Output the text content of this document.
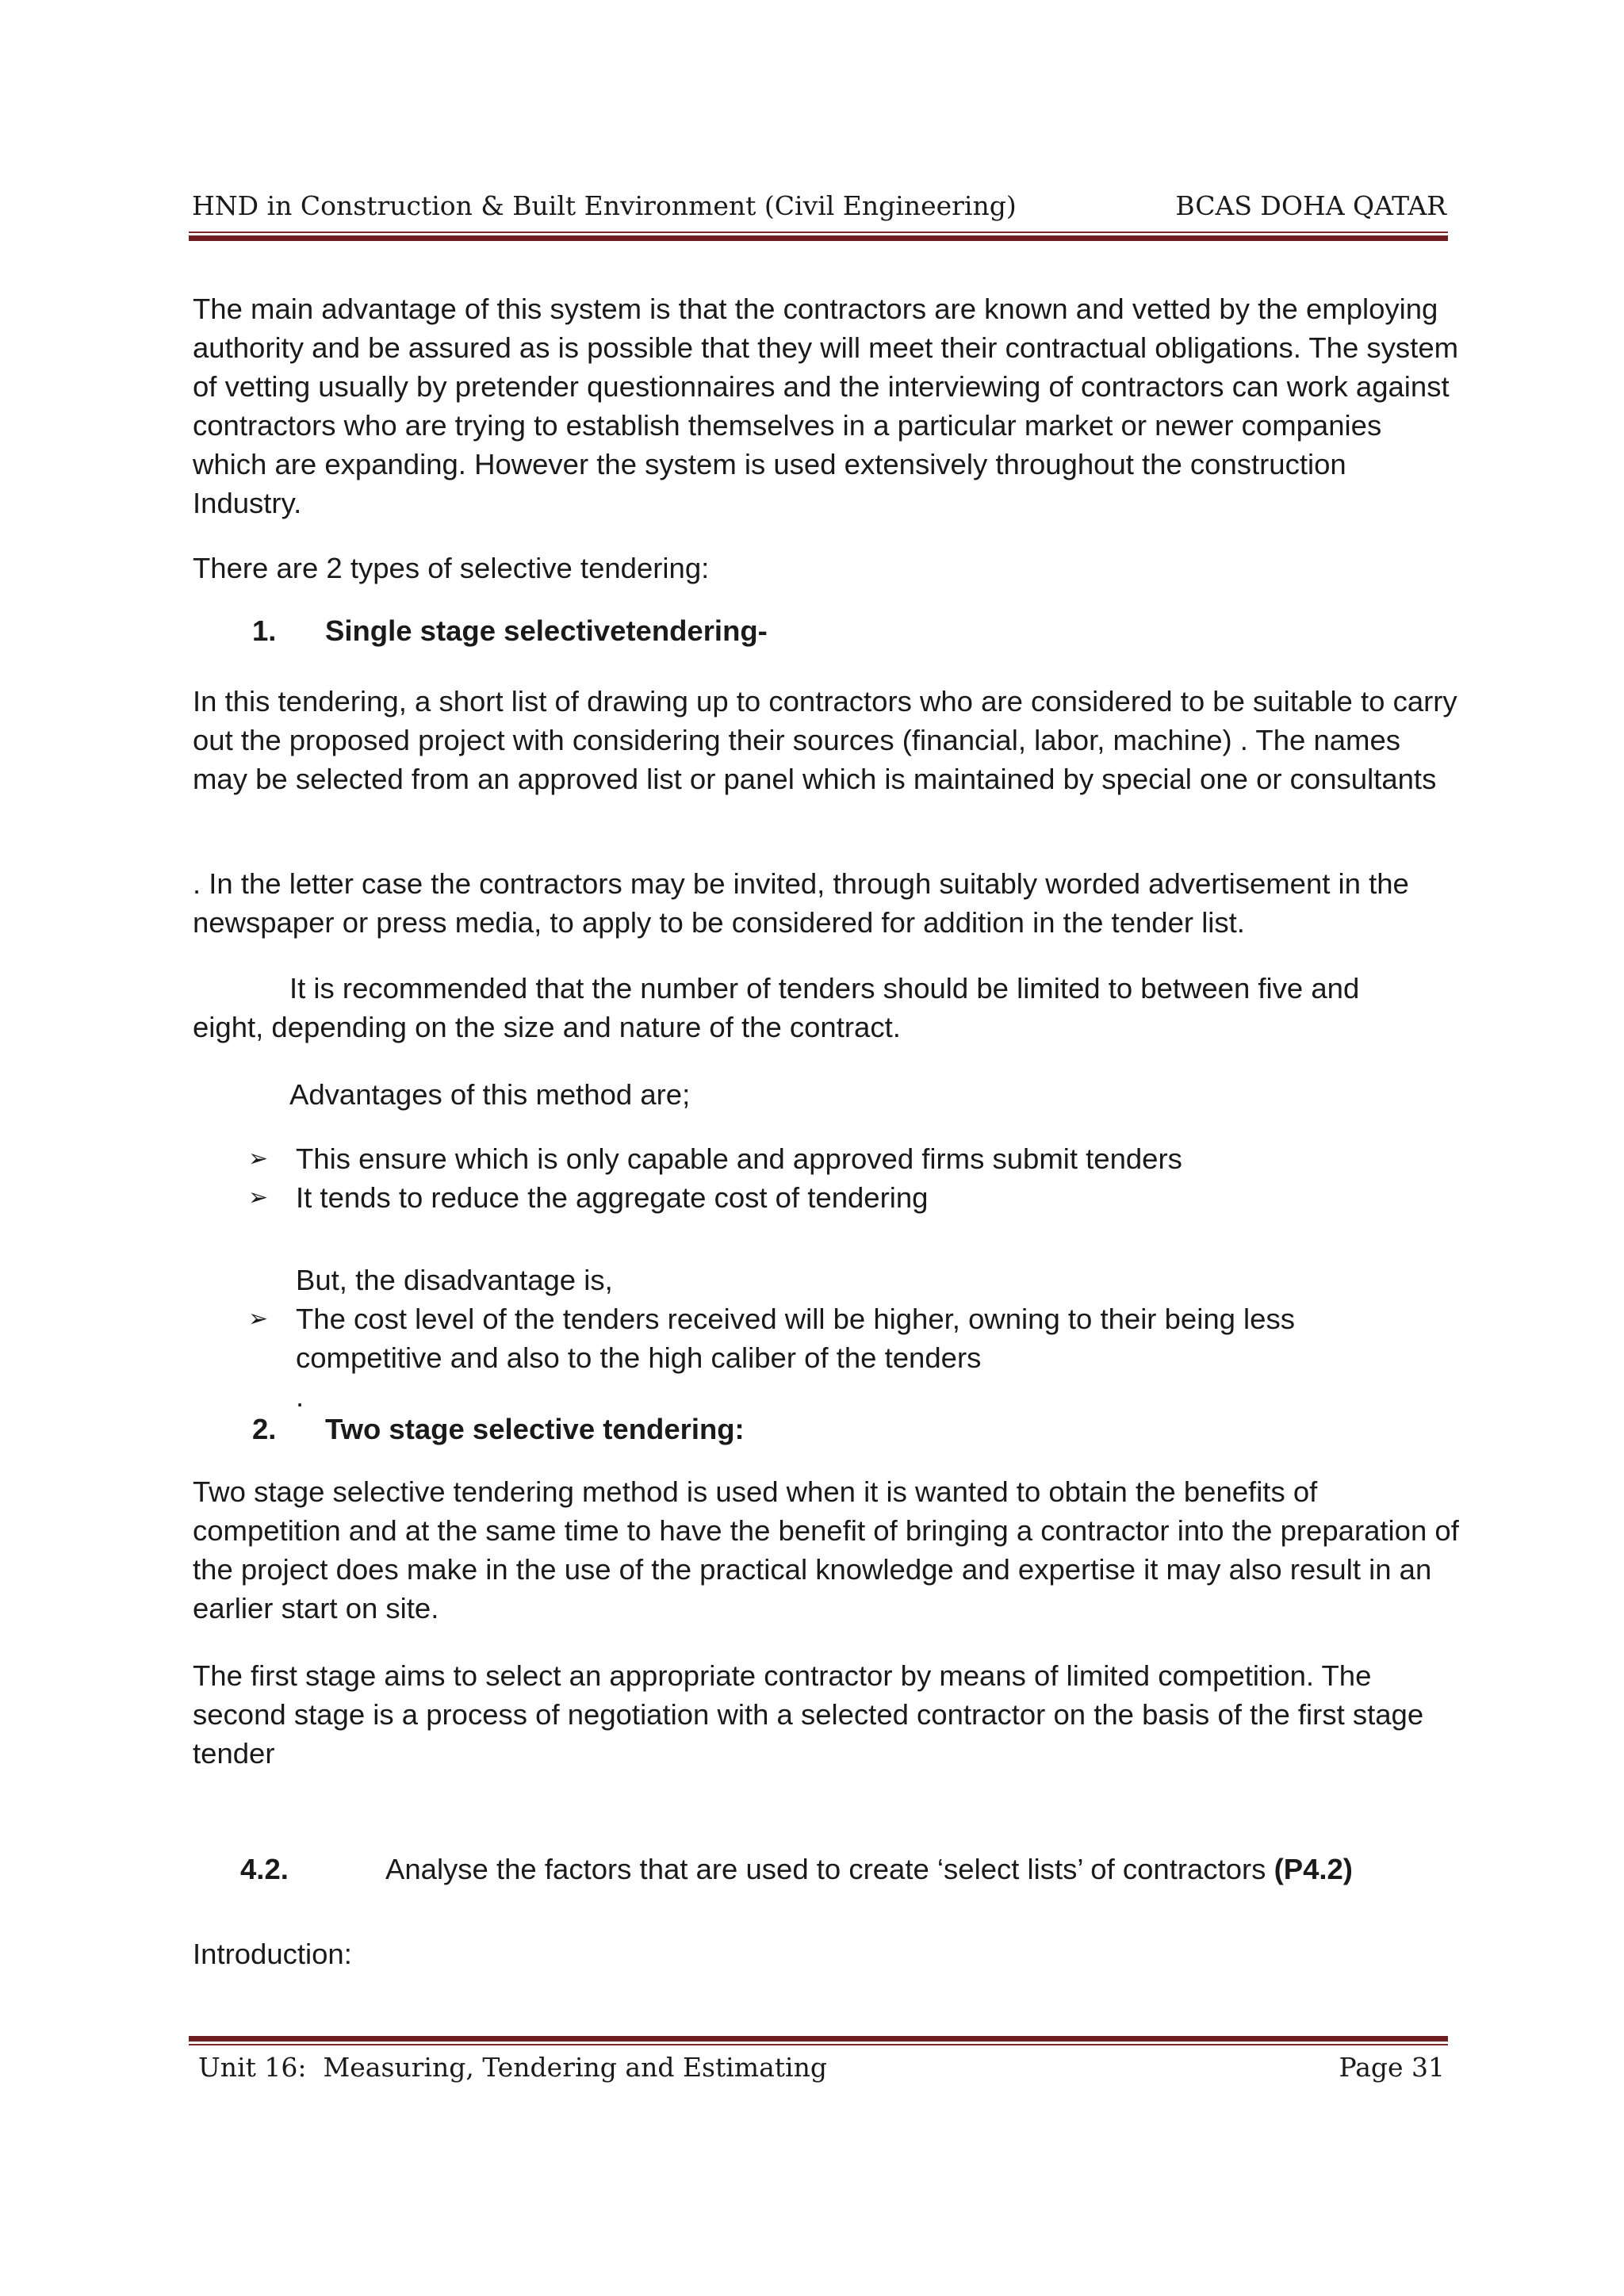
HND in Construction & Built Environment (Civil Engineering)	BCAS DOHA QATAR

The main advantage of this system is that the contractors are known and vetted by the employing authority and be assured as is possible that they will meet their contractual obligations. The system of vetting usually by pretender questionnaires and the interviewing of contractors can work against contractors who are trying to establish themselves in a particular market or newer companies which are expanding. However the system is used extensively throughout the construction Industry.

There are 2 types of selective tendering:

1. Single stage selectivetendering-

In this tendering, a short list of drawing up to contractors who are considered to be suitable to carry out the proposed project with considering their sources (financial, labor, machine) . The names may be selected from an approved list or panel which is maintained by special one or consultants

. In the letter case the contractors may be invited, through suitably worded advertisement in the newspaper or press media, to apply to be considered for addition in the tender list.

It is recommended that the number of tenders should be limited to between five and

eight, depending on the size and nature of the contract.

Advantages of this method are;

➢ This ensure which is only capable and approved firms submit tenders
➢ It tends to reduce the aggregate cost of tendering

But, the disadvantage is,

➢ The cost level of the tenders received will be higher, owning to their being less competitive and also to the high caliber of the tenders

.

2. Two stage selective tendering:

Two stage selective tendering method is used when it is wanted to obtain the benefits of competition and at the same time to have the benefit of bringing a contractor into the preparation of the project does make in the use of the practical knowledge and expertise it may also result in an earlier start on site.

The first stage aims to select an appropriate contractor by means of limited competition. The second stage is a process of negotiation with a selected contractor on the basis of the first stage tender

4.2.	Analyse the factors that are used to create ‘select lists’ of contractors (P4.2)

Introduction:

Unit 16:  Measuring, Tendering and Estimating	Page 31
